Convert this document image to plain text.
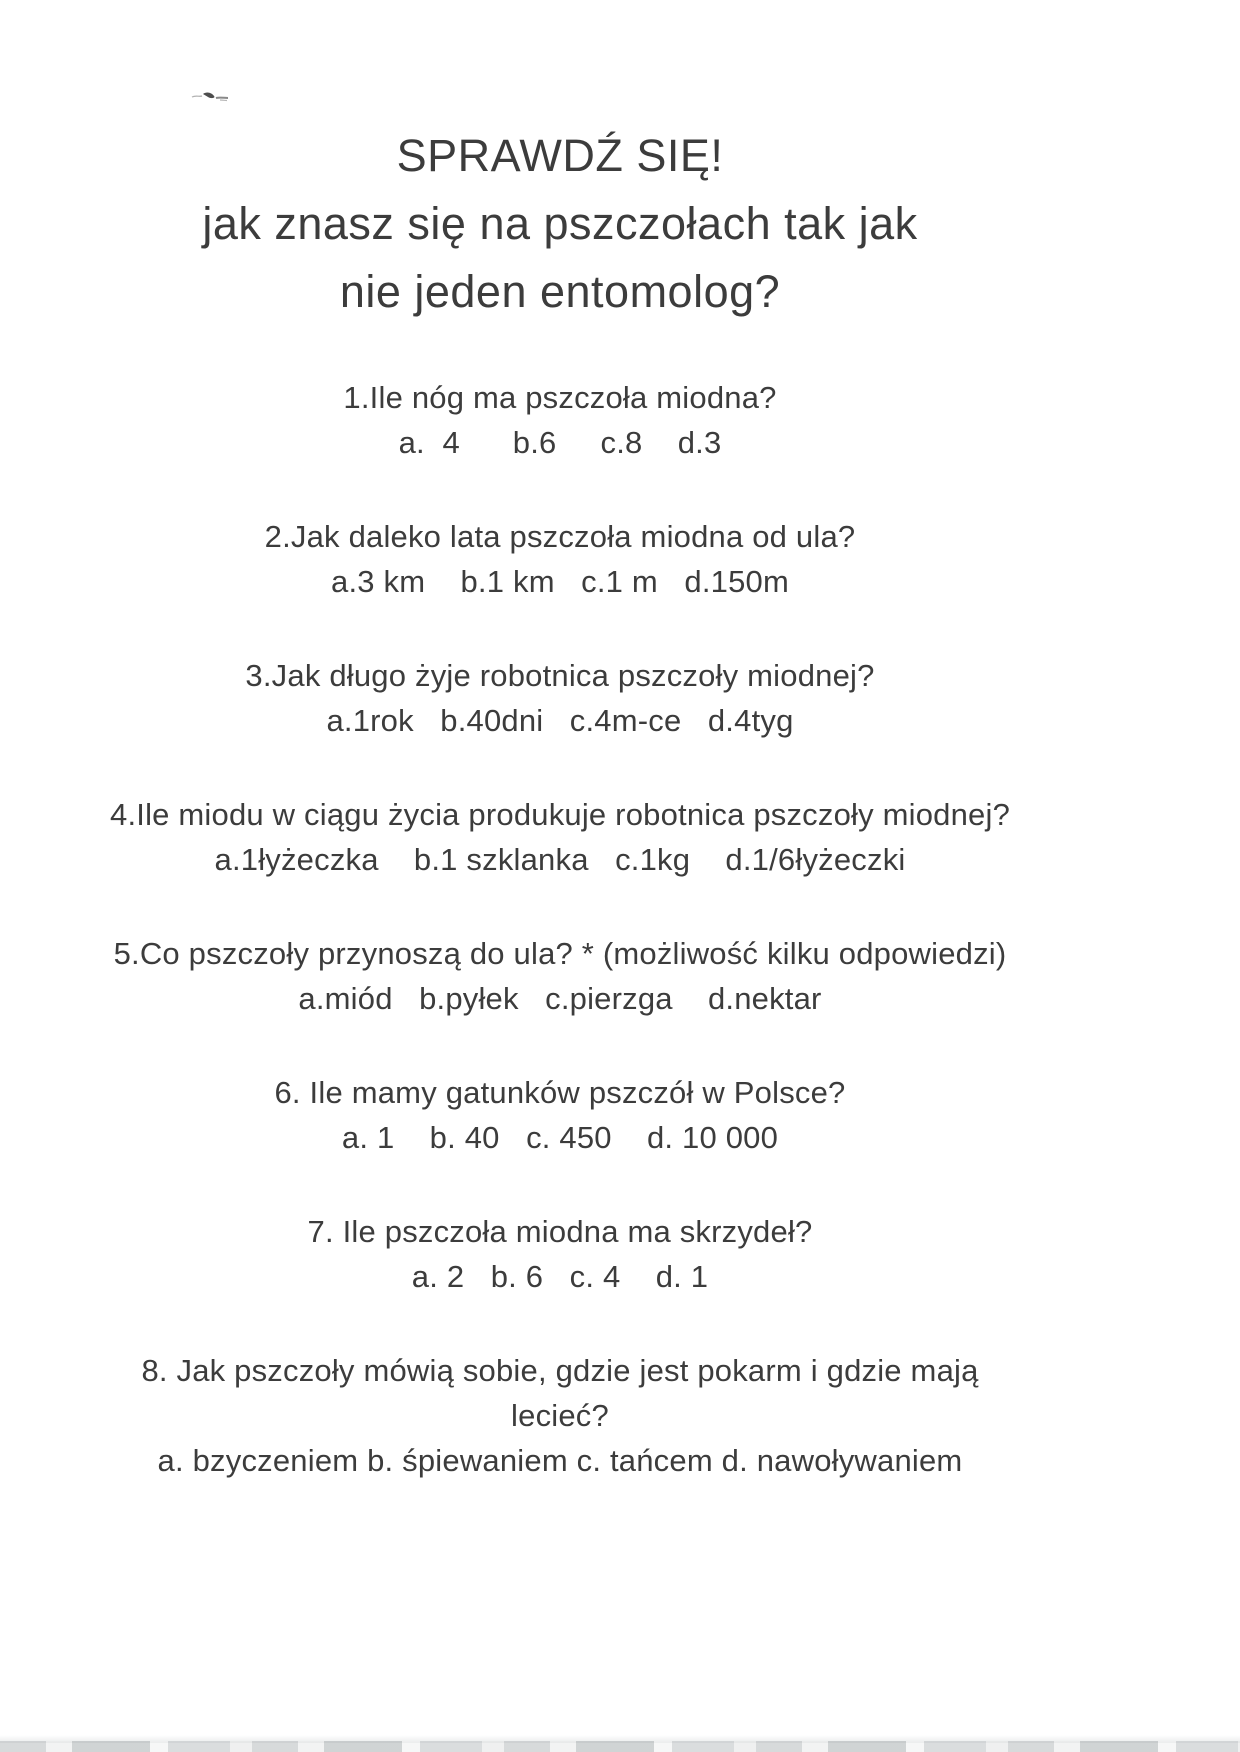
SPRAWDŹ SIĘ!
jak znasz się na pszczołach tak jak
nie jeden entomolog?
1.Ile nóg ma pszczoła miodna?
a.  4      b.6     c.8    d.3
2.Jak daleko lata pszczoła miodna od ula?
a.3 km    b.1 km   c.1 m   d.150m
3.Jak długo żyje robotnica pszczoły miodnej?
a.1rok   b.40dni   c.4m-ce   d.4tyg
4.Ile miodu w ciągu życia produkuje robotnica pszczoły miodnej?
a.1łyżeczka    b.1 szklanka   c.1kg    d.1/6łyżeczki
5.Co pszczoły przynoszą do ula? * (możliwość kilku odpowiedzi)
a.miód   b.pyłek   c.pierzga    d.nektar
6. Ile mamy gatunków pszczół w Polsce?
a. 1    b. 40   c. 450    d. 10 000
7. Ile pszczoła miodna ma skrzydeł?
a. 2   b. 6   c. 4    d. 1
8. Jak pszczoły mówią sobie, gdzie jest pokarm i gdzie mają lecieć?
a. bzyczeniem b. śpiewaniem c. tańcem d. nawoływaniem
